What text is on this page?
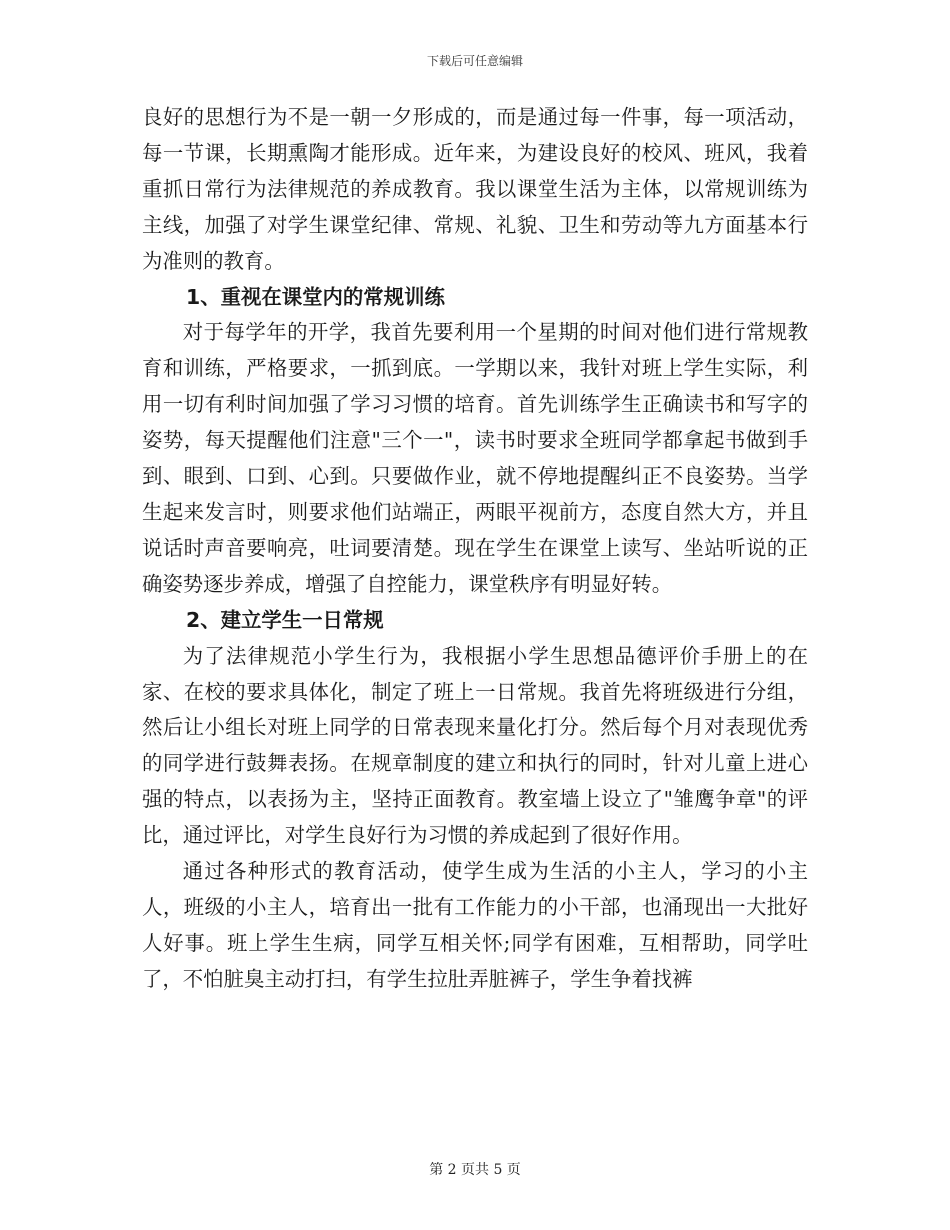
下载后可任意编辑

良好的思想行为不是一朝一夕形成的，而是通过每一件事，每一项活动，每一节课，长期熏陶才能形成。近年来，为建设良好的校风、班风，我着重抓日常行为法律规范的养成教育。我以课堂生活为主体，以常规训练为主线，加强了对学生课堂纪律、常规、礼貌、卫生和劳动等九方面基本行为准则的教育。

1、重视在课堂内的常规训练

对于每学年的开学，我首先要利用一个星期的时间对他们进行常规教育和训练，严格要求，一抓到底。一学期以来，我针对班上学生实际，利用一切有利时间加强了学习习惯的培育。首先训练学生正确读书和写字的姿势，每天提醒他们注意"三个一"，读书时要求全班同学都拿起书做到手到、眼到、口到、心到。只要做作业，就不停地提醒纠正不良姿势。当学生起来发言时，则要求他们站端正，两眼平视前方，态度自然大方，并且说话时声音要响亮，吐词要清楚。现在学生在课堂上读写、坐站听说的正确姿势逐步养成，增强了自控能力，课堂秩序有明显好转。

2、建立学生一日常规

为了法律规范小学生行为，我根据小学生思想品德评价手册上的在家、在校的要求具体化，制定了班上一日常规。我首先将班级进行分组，然后让小组长对班上同学的日常表现来量化打分。然后每个月对表现优秀的同学进行鼓舞表扬。在规章制度的建立和执行的同时，针对儿童上进心强的特点，以表扬为主，坚持正面教育。教室墙上设立了"雏鹰争章"的评比，通过评比，对学生良好行为习惯的养成起到了很好作用。

通过各种形式的教育活动，使学生成为生活的小主人，学习的小主人，班级的小主人，培育出一批有工作能力的小干部，也涌现出一大批好人好事。班上学生生病，同学互相关怀;同学有困难，互相帮助，同学吐了，不怕脏臭主动打扫，有学生拉肚弄脏裤子，学生争着找裤

第 2 页共 5 页
